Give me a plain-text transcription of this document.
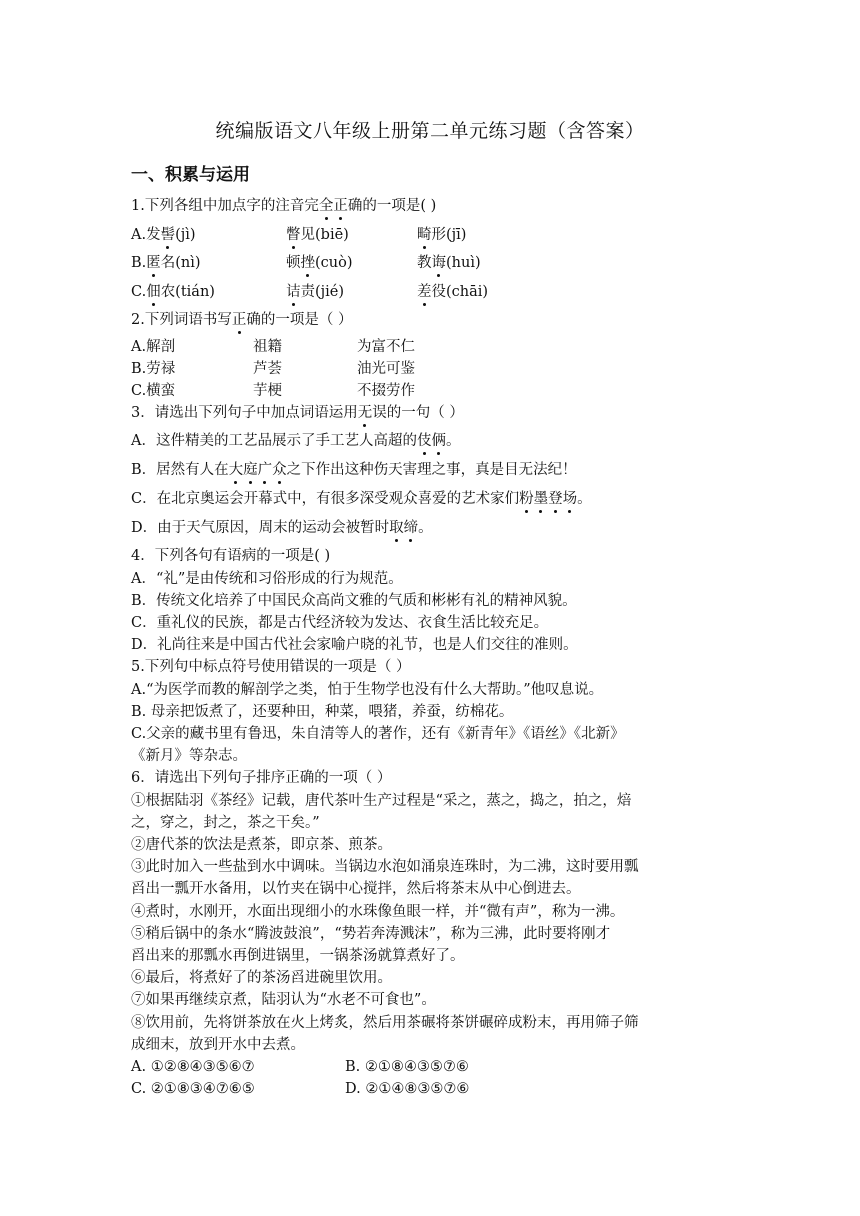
统编版语文八年级上册第二单元练习题（含答案）
一、积累与运用
1.下列各组中加点字的注音完全正确的一项是( )
A.发髻(jì)	瞥见(biē)	畸形(jī)
B.匿名(nì)	顿挫(cuò)	教诲(huì)
C.佃农(tián)	诘责(jié)	差役(chāi)
2.下列词语书写正确的一项是（ ）
A.解剖	祖籍	为富不仁
B.劳禄	芦荟	油光可鉴
C.横蛮	芋梗	不掇劳作
3．请选出下列句子中加点词语运用无误的一句（ ）
A．这件精美的工艺品展示了手工艺人高超的伎俩。
B．居然有人在大庭广众之下作出这种伤天害理之事，真是目无法纪！
C．在北京奥运会开幕式中，有很多深受观众喜爱的艺术家们粉墨登场。
D．由于天气原因，周末的运动会被暂时取缔。
4．下列各句有语病的一项是( )
A．“礼”是由传统和习俗形成的行为规范。
B．传统文化培养了中国民众高尚文雅的气质和彬彬有礼的精神风貌。
C．重礼仪的民族，都是古代经济较为发达、衣食生活比较充足。
D．礼尚往来是中国古代社会家喻户晓的礼节，也是人们交往的准则。
5.下列句中标点符号使用错误的一项是（ ）
A.“为医学而教的解剖学之类，怕于生物学也没有什么大帮助。”他叹息说。
B. 母亲把饭煮了，还要种田，种菜，喂猪，养蚕，纺棉花。
C.父亲的藏书里有鲁迅，朱自清等人的著作，还有《新青年》《语丝》《北新》
《新月》等杂志。
6．请选出下列句子排序正确的一项（ ）
①根据陆羽《茶经》记载，唐代茶叶生产过程是“采之，蒸之，捣之，拍之，焙
之，穿之，封之，茶之干矣。”
②唐代茶的饮法是煮茶，即京茶、煎茶。
③此时加入一些盐到水中调味。当锅边水泡如涌泉连珠时，为二沸，这时要用瓢
舀出一瓢开水备用，以竹夹在锅中心搅拌，然后将茶末从中心倒进去。
④煮时，水刚开，水面出现细小的水珠像鱼眼一样，并“微有声”，称为一沸。
⑤稍后锅中的条水“腾波鼓浪”，“势若奔涛溅沫”，称为三沸，此时要将刚才
舀出来的那瓢水再倒进锅里，一锅茶汤就算煮好了。
⑥最后，将煮好了的茶汤舀进碗里饮用。
⑦如果再继续京煮，陆羽认为“水老不可食也”。
⑧饮用前，先将饼茶放在火上烤炙，然后用茶碾将茶饼碾碎成粉末，再用筛子筛
成细末，放到开水中去煮。
A. ①②⑧④③⑤⑥⑦	B. ②①⑧④③⑤⑦⑥
C. ②①⑧③④⑦⑥⑤	D. ②①④⑧③⑤⑦⑥
